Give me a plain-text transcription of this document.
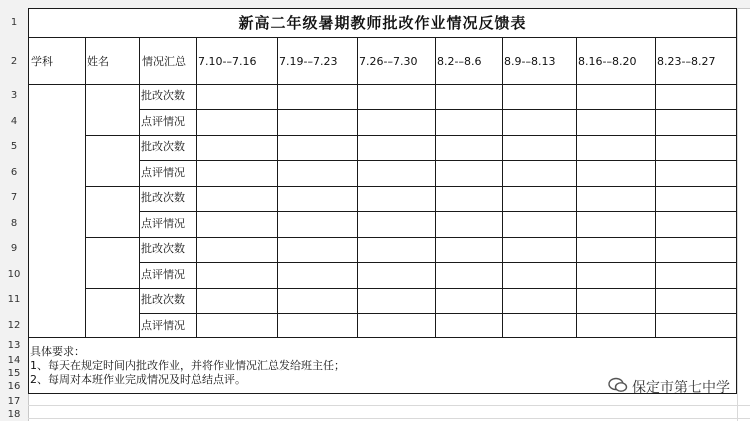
1
2
3
4
5
6
7
8
9
10
11
12
13
14
15
16
17
18
新高二年级暑期教师批改作业情况反馈表
学科	姓名	情况汇总 7.10-–7.16 7.19-–7.23 7.26-–7.30 8.2-–8.6 8.9-–8.13 8.16-–8.20 8.23-–8.27
批改次数
点评情况
批改次数
点评情况
批改次数
点评情况
批改次数
点评情况
批改次数
点评情况
具体要求：
1、每天在规定时间内批改作业，并将作业情况汇总发给班主任；
2、每周对本班作业完成情况及时总结点评。
保定市第七中学
